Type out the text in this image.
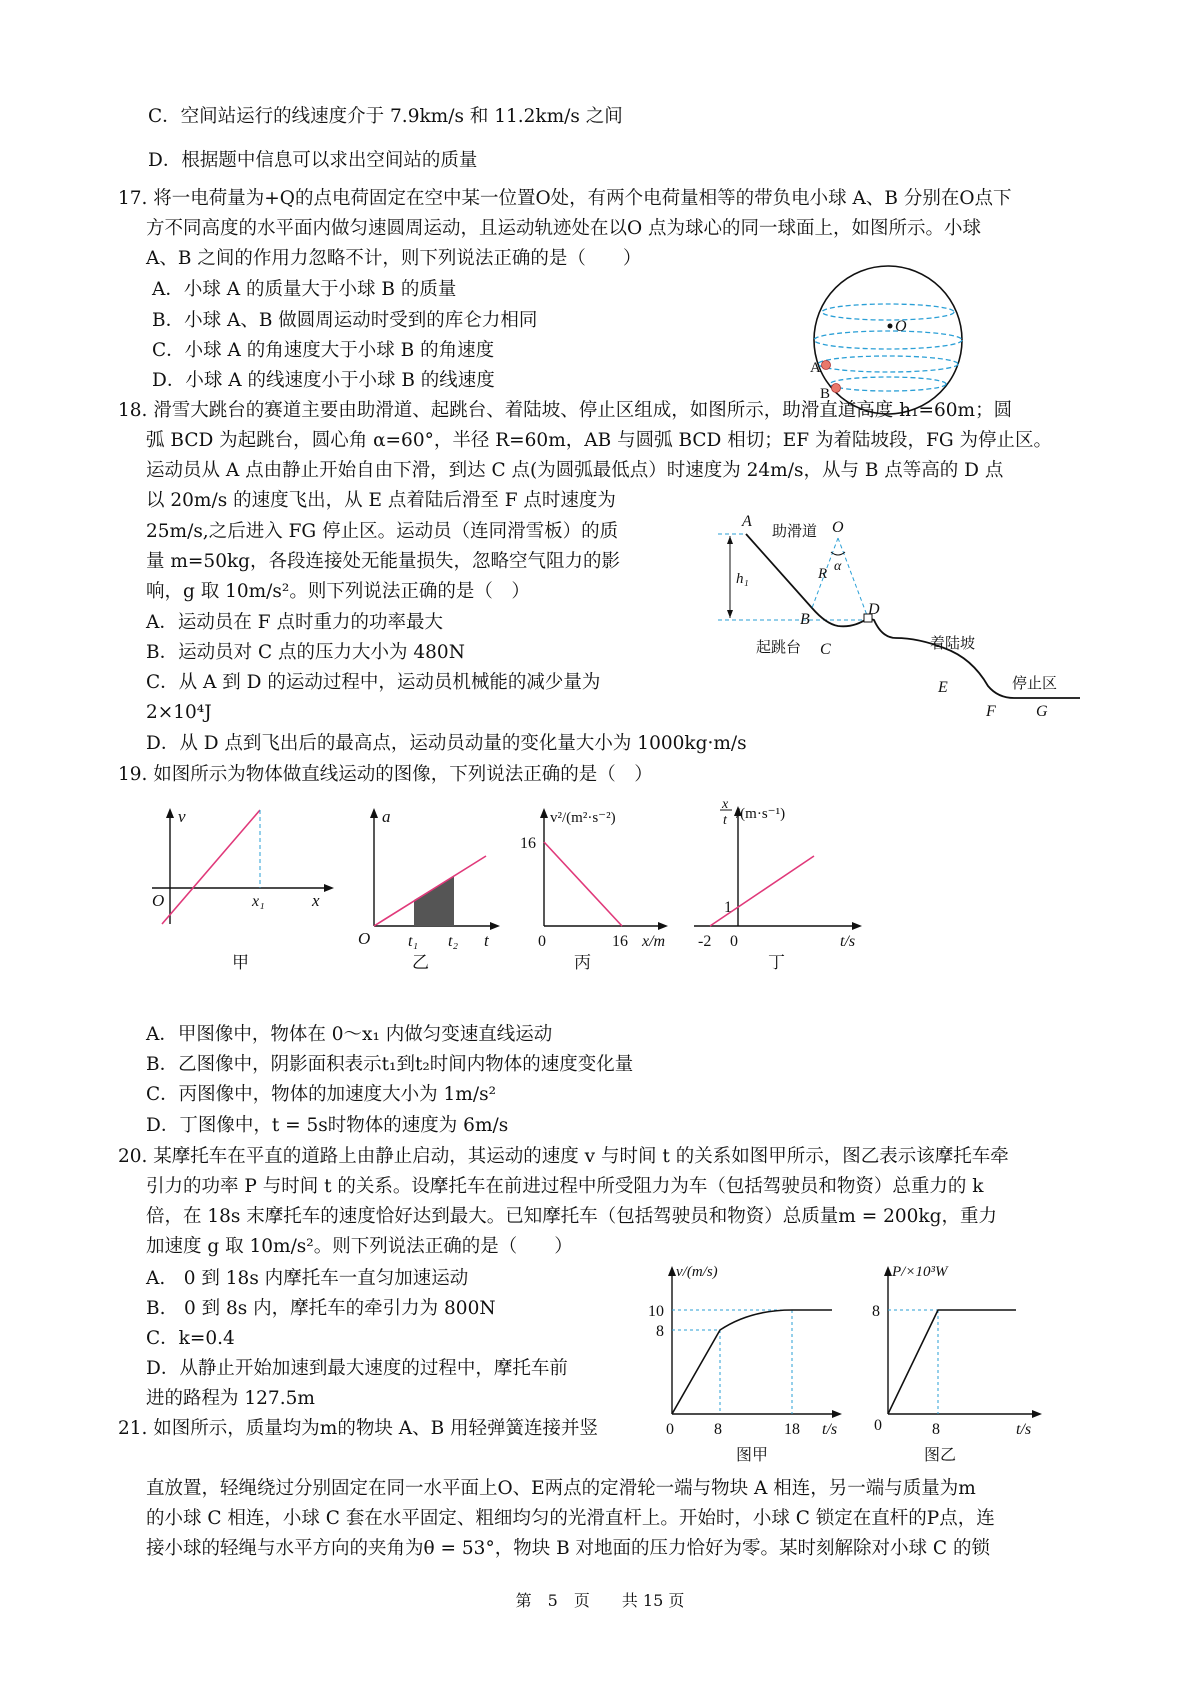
C．空间站运行的线速度介于 7.9km/s 和 11.2km/s 之间
D．根据题中信息可以求出空间站的质量
17. 将一电荷量为+Q的点电荷固定在空中某一位置O处，有两个电荷量相等的带负电小球 A、B 分别在O点下
方不同高度的水平面内做匀速圆周运动，且运动轨迹处在以O 点为球心的同一球面上，如图所示。小球
A、B 之间的作用力忽略不计，则下列说法正确的是（　　）
A．小球 A 的质量大于小球 B 的质量
B．小球 A、B 做圆周运动时受到的库仑力相同
C．小球 A 的角速度大于小球 B 的角速度
D．小球 A 的线速度小于小球 B 的线速度
O
A
B
18. 滑雪大跳台的赛道主要由助滑道、起跳台、着陆坡、停止区组成，如图所示，助滑直道高度 h₁=60m；圆
弧 BCD 为起跳台，圆心角 α=60°，半径 R=60m，AB 与圆弧 BCD 相切；EF 为着陆坡段，FG 为停止区。
运动员从 A 点由静止开始自由下滑，到达 C 点(为圆弧最低点）时速度为 24m/s，从与 B 点等高的 D 点
以 20m/s 的速度飞出，从 E 点着陆后滑至 F 点时速度为
25m/s,之后进入 FG 停止区。运动员（连同滑雪板）的质
量 m=50kg，各段连接处无能量损失，忽略空气阻力的影
响，g 取 10m/s²。则下列说法正确的是（　）
A．运动员在 F 点时重力的功率最大
B．运动员对 C 点的压力大小为 480N
C．从 A 到 D 的运动过程中，运动员机械能的减少量为
2×10⁴J
D．从 D 点到飞出后的最高点，运动员动量的变化量大小为 1000kg·m/s
h₁
A
助滑道 O
R α
B
D
起跳台 C	着陆坡
E	停止区
F	G
19. 如图所示为物体做直线运动的图像，下列说法正确的是（　）
v
O	x₁	x
甲
a
O t₁ t₂ t
乙
v²/(m²·s⁻²)
16
0	16 x/m
丙
x
t /(m·s⁻¹)
1
-2 0	t/s
丁
A．甲图像中，物体在 0～x₁ 内做匀变速直线运动
B．乙图像中，阴影面积表示t₁到t₂时间内物体的速度变化量
C．丙图像中，物体的加速度大小为 1m/s²
D．丁图像中，t = 5s时物体的速度为 6m/s
20. 某摩托车在平直的道路上由静止启动，其运动的速度 v 与时间 t 的关系如图甲所示，图乙表示该摩托车牵
引力的功率 P 与时间 t 的关系。设摩托车在前进过程中所受阻力为车（包括驾驶员和物资）总重力的 k
倍，在 18s 末摩托车的速度恰好达到最大。已知摩托车（包括驾驶员和物资）总质量m = 200kg，重力
加速度 g 取 10m/s²。则下列说法正确的是（　　）
A.　0 到 18s 内摩托车一直匀加速运动
B.　0 到 8s 内，摩托车的牵引力为 800N
C．k=0.4
D．从静止开始加速到最大速度的过程中，摩托车前
进的路程为 127.5m
v/(m/s)
10
8
0	8	18 t/s
图甲
P/×10³W
8
0	8	t/s
图乙
21. 如图所示，质量均为m的物块 A、B 用轻弹簧连接并竖
直放置，轻绳绕过分别固定在同一水平面上O、E两点的定滑轮一端与物块 A 相连，另一端与质量为m
的小球 C 相连，小球 C 套在水平固定、粗细均匀的光滑直杆上。开始时，小球 C 锁定在直杆的P点，连
接小球的轻绳与水平方向的夹角为θ = 53°，物块 B 对地面的压力恰好为零。某时刻解除对小球 C 的锁
第　5　页　　共 15 页
